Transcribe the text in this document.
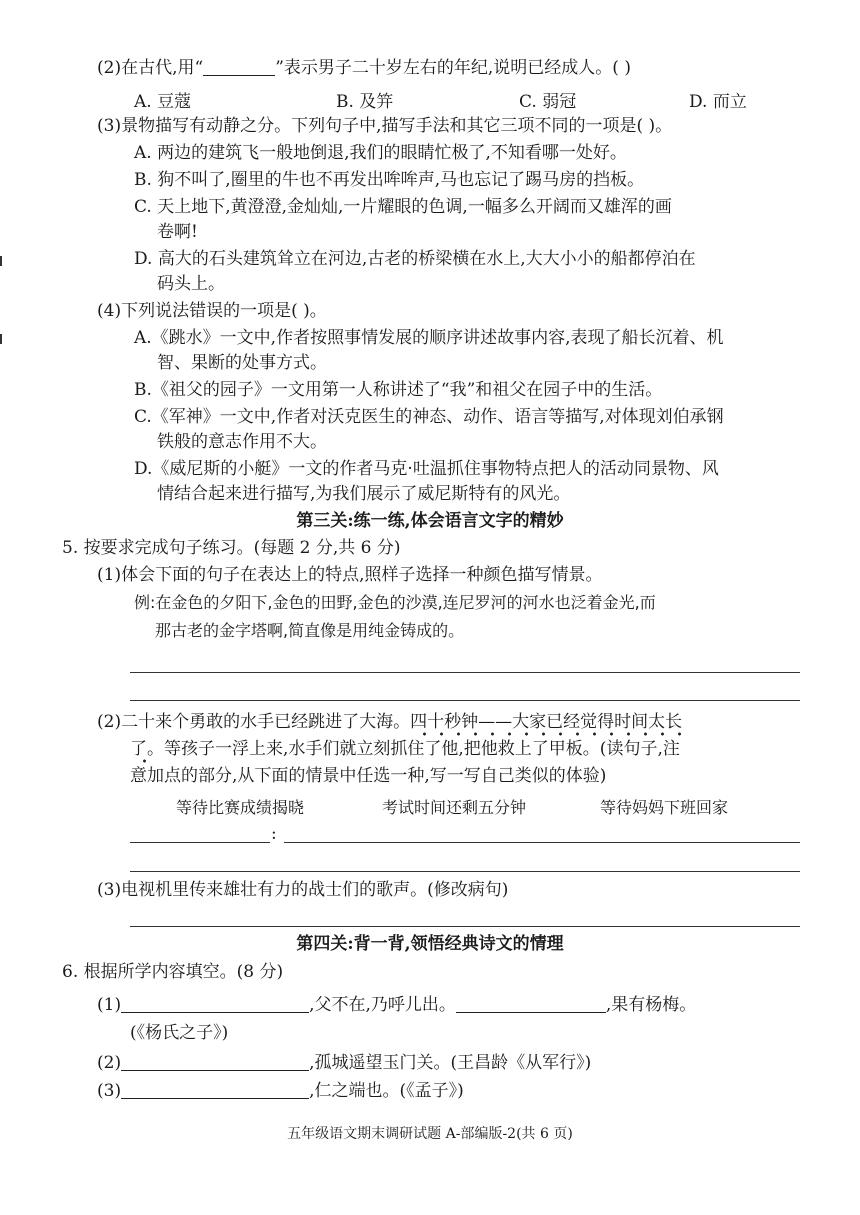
(2)在古代,用“	”表示男子二十岁左右的年纪,说明已经成人。( )
A. 豆蔻	B. 及笄	C. 弱冠	D. 而立
(3)景物描写有动静之分。下列句子中,描写手法和其它三项不同的一项是( )。
A. 两边的建筑飞一般地倒退,我们的眼睛忙极了,不知看哪一处好。
B. 狗不叫了,圈里的牛也不再发出哞哞声,马也忘记了踢马房的挡板。
C. 天上地下,黄澄澄,金灿灿,一片耀眼的色调,一幅多么开阔而又雄浑的画
卷啊!
D. 高大的石头建筑耸立在河边,古老的桥梁横在水上,大大小小的船都停泊在
码头上。
(4)下列说法错误的一项是( )。
A.《跳水》一文中,作者按照事情发展的顺序讲述故事内容,表现了船长沉着、机
智、果断的处事方式。
B.《祖父的园子》一文用第一人称讲述了“我”和祖父在园子中的生活。
C.《军神》一文中,作者对沃克医生的神态、动作、语言等描写,对体现刘伯承钢
铁般的意志作用不大。
D.《威尼斯的小艇》一文的作者马克·吐温抓住事物特点把人的活动同景物、风
情结合起来进行描写,为我们展示了威尼斯特有的风光。
第三关:练一练,体会语言文字的精妙
5. 按要求完成句子练习。(每题 2 分,共 6 分)
(1)体会下面的句子在表达上的特点,照样子选择一种颜色描写情景。
例:在金色的夕阳下,金色的田野,金色的沙漠,连尼罗河的河水也泛着金光,而
那古老的金字塔啊,简直像是用纯金铸成的。
(2)二十来个勇敢的水手已经跳进了大海。四十秒钟——大家已经觉得时间太长
了。等孩子一浮上来,水手们就立刻抓住了他,把他救上了甲板。(读句子,注
意加点的部分,从下面的情景中任选一种,写一写自己类似的体验)
等待比赛成绩揭晓	考试时间还剩五分钟	等待妈妈下班回家
:
(3)电视机里传来雄壮有力的战士们的歌声。(修改病句)
第四关:背一背,领悟经典诗文的情理
6. 根据所学内容填空。(8 分)
(1)	,父不在,乃呼儿出。	,果有杨梅。
(《杨氏之子》)
(2)	,孤城遥望玉门关。(王昌龄《从军行》)
(3)	,仁之端也。(《孟子》)
五年级语文期末调研试题 A-部编版-2(共 6 页)
